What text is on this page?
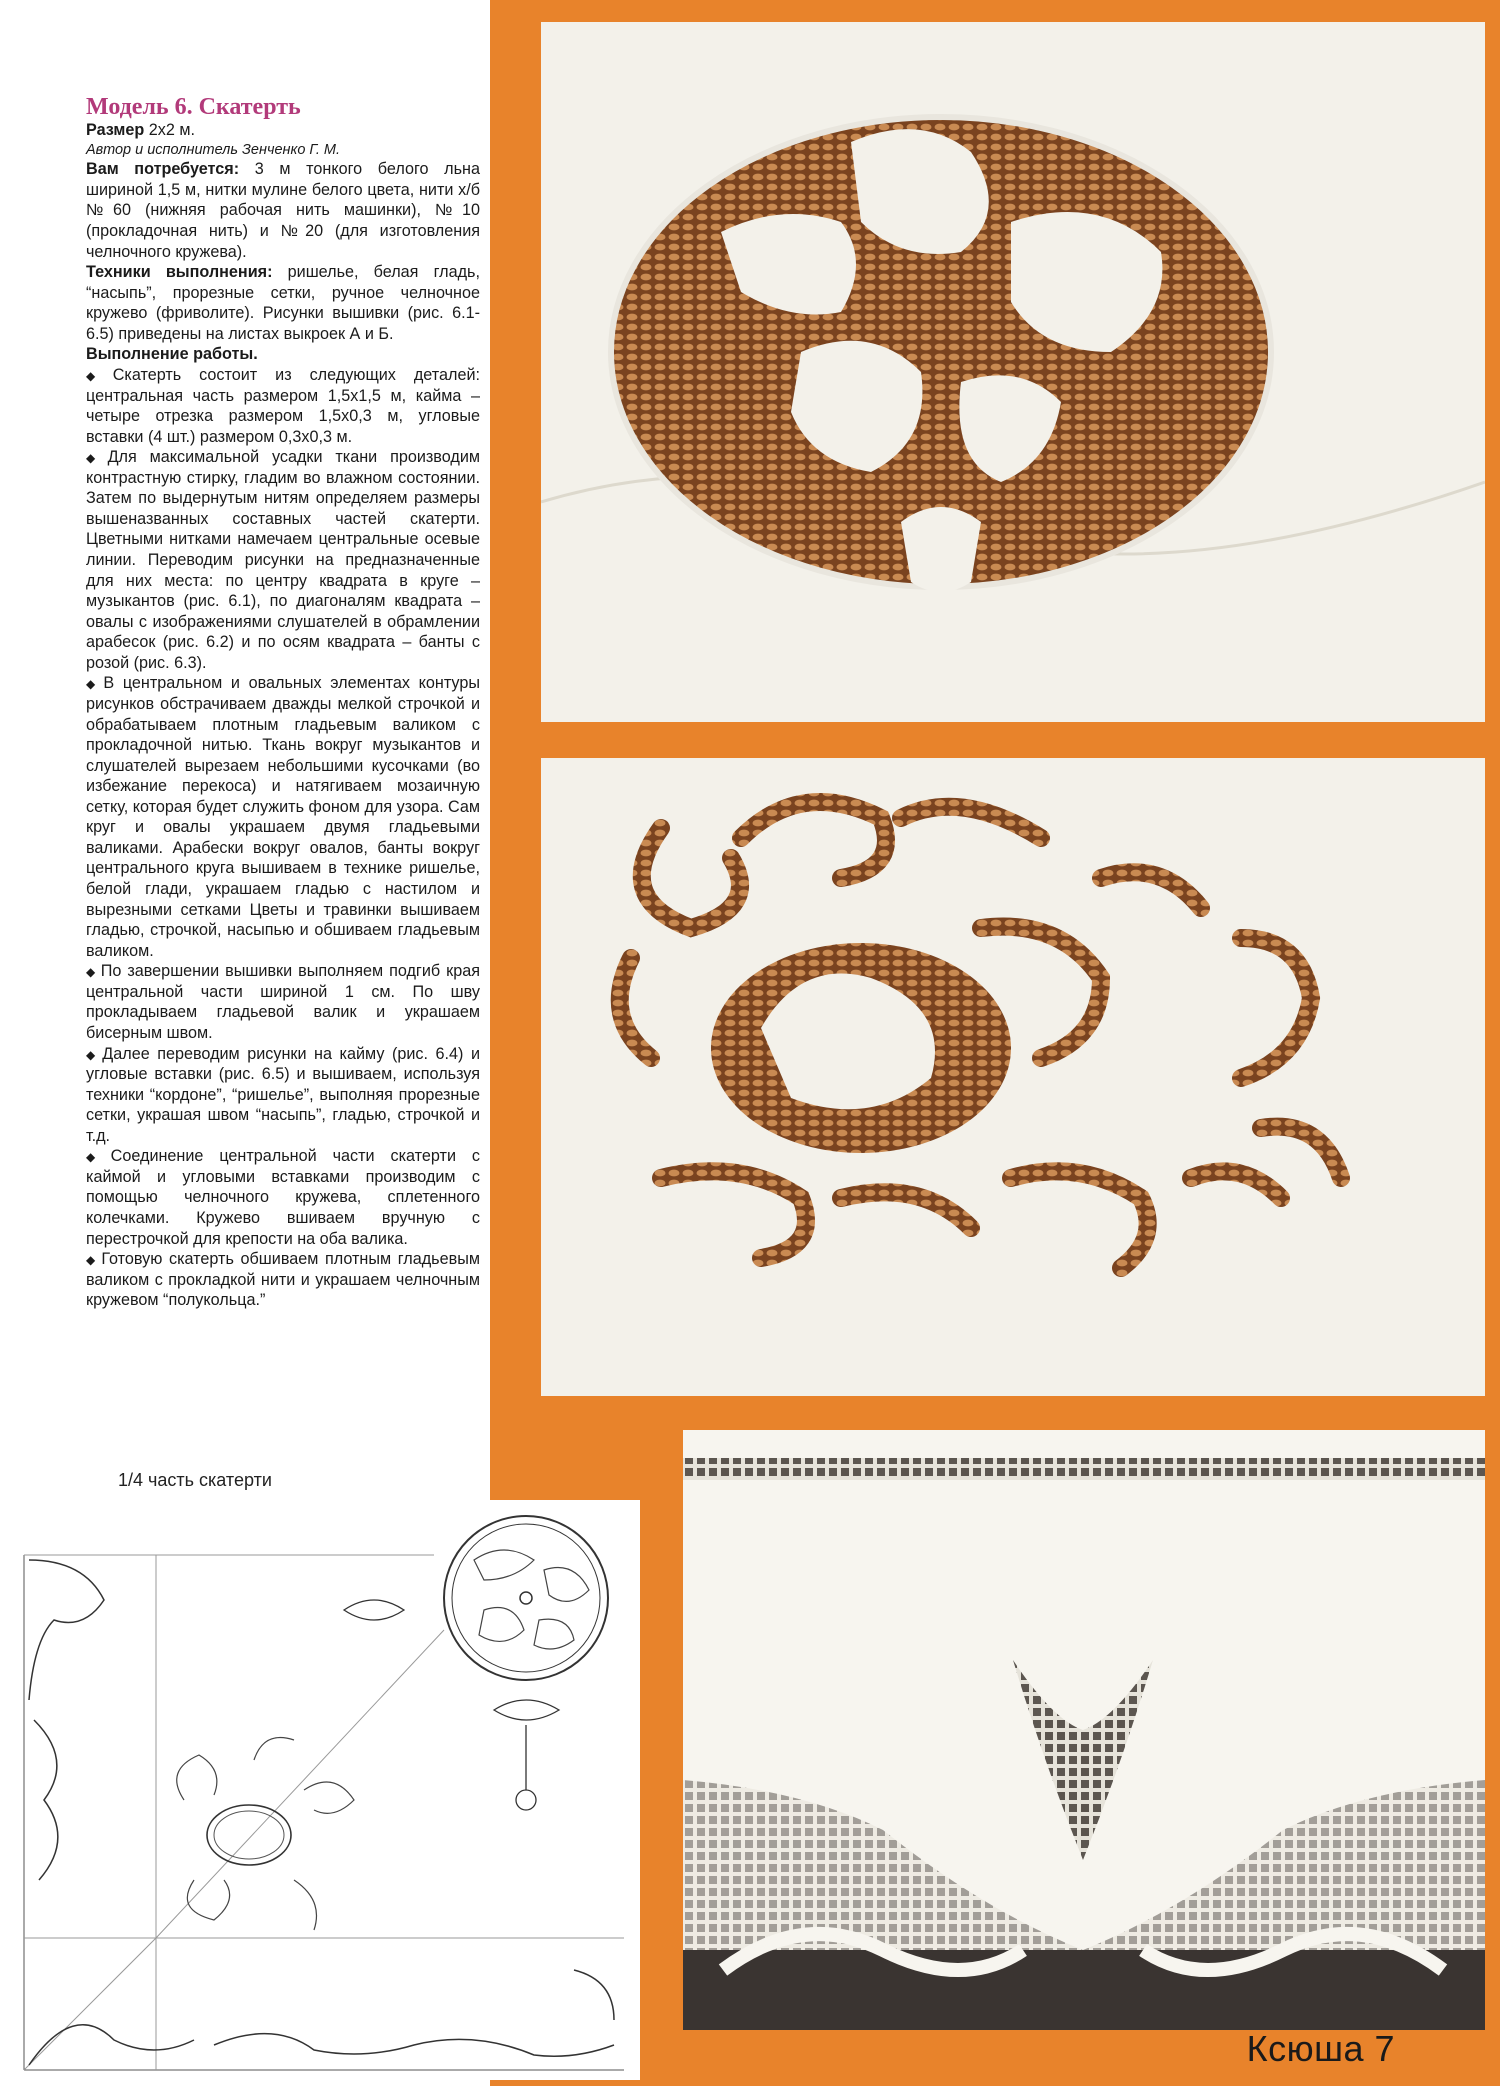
Модель 6. Скатерть

Размер 2х2 м.

Автор и исполнитель Зенченко Г. М.

Вам потребуется: 3 м тонкого белого льна шириной 1,5 м, нитки мулине белого цвета, нити х/б №60 (нижняя рабочая нить машинки), №10 (прокладочная нить) и №20 (для изготовления челночного кружева).

Техники выполнения: ришелье, белая гладь, “насыпь”, прорезные сетки, ручное челночное кружево (фриволите). Рисунки вышивки (рис. 6.1-6.5) приведены на листах выкроек А и Б.

Выполнение работы.

◆ Скатерть состоит из следующих деталей: центральная часть размером 1,5х1,5 м, кайма – четыре отрезка размером 1,5х0,3 м, угловые вставки (4 шт.) размером 0,3х0,3 м.

◆ Для максимальной усадки ткани производим контрастную стирку, гладим во влажном состоянии. Затем по выдернутым нитям определяем размеры вышеназванных составных частей скатерти. Цветными нитками намечаем центральные осевые линии. Переводим рисунки на предназначенные для них места: по центру квадрата в круге – музыкантов (рис. 6.1), по диагоналям квадрата – овалы с изображениями слушателей в обрамлении арабесок (рис. 6.2) и по осям квадрата – банты с розой (рис. 6.3).

◆ В центральном и овальных элементах контуры рисунков обстрачиваем дважды мелкой строчкой и обрабатываем плотным гладьевым валиком с прокладочной нитью. Ткань вокруг музыкантов и слушателей вырезаем небольшими кусочками (во избежание перекоса) и натягиваем мозаичную сетку, которая будет служить фоном для узора. Сам круг и овалы украшаем двумя гладьевыми валиками. Арабески вокруг овалов, банты вокруг центрального круга вышиваем в технике ришелье, белой глади, украшаем гладью с настилом и вырезными сетками Цветы и травинки вышиваем гладью, строчкой, насыпью и обшиваем гладьевым валиком.

◆ По завершении вышивки выполняем подгиб края центральной части шириной 1 см. По шву прокладываем гладьевой валик и украшаем бисерным швом.

◆ Далее переводим рисунки на кайму (рис. 6.4) и угловые вставки (рис. 6.5) и вышиваем, используя техники “кордоне”, “ришелье”, выполняя прорезные сетки, украшая швом “насыпь”, гладью, строчкой и т.д.

◆ Соединение центральной части скатерти с каймой и угловыми вставками производим с помощью челночного кружева, сплетенного колечками. Кружево вшиваем вручную с перестрочкой для крепости на оба валика.

◆ Готовую скатерть обшиваем плотным гладьевым валиком с прокладкой нити и украшаем челночным кружевом “полукольца.”

Ксюша 7
1/4 часть скатерти
